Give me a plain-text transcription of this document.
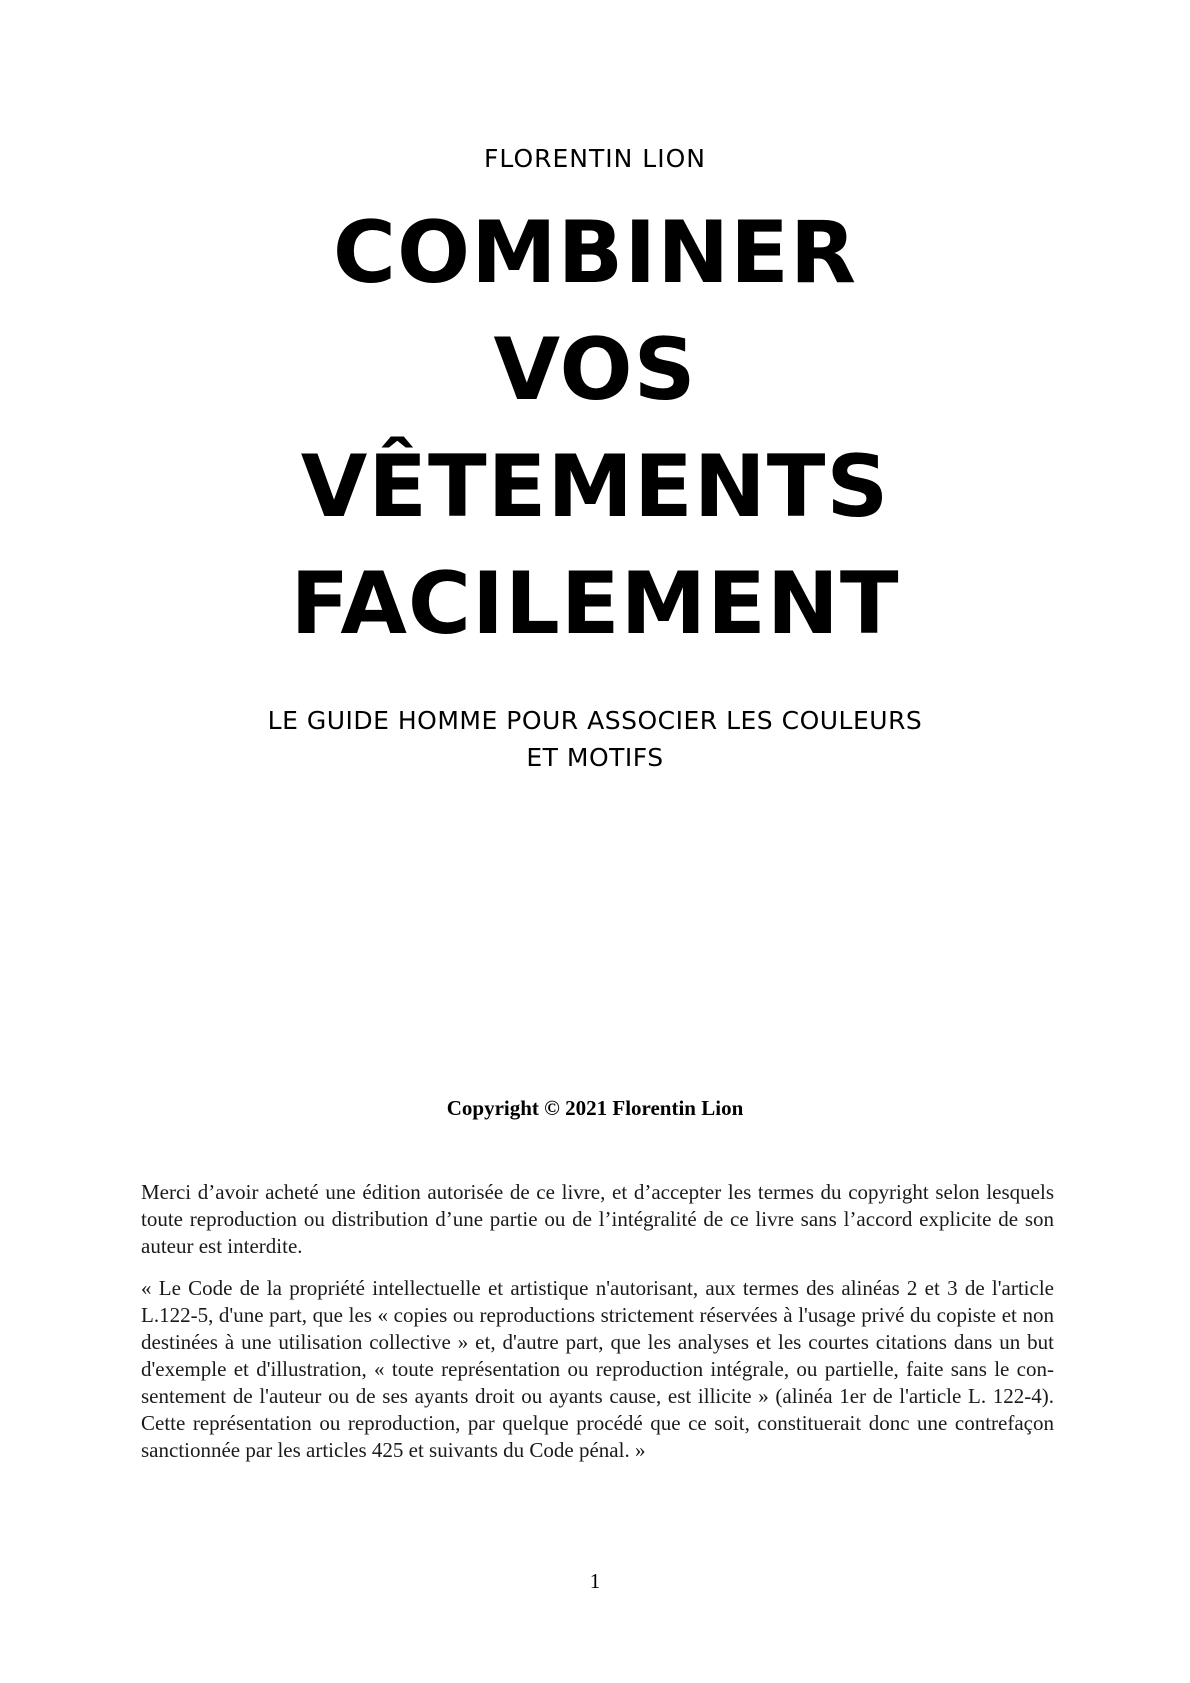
FLORENTIN LION
COMBINER
VOS
VÊTEMENTS
FACILEMENT
LE GUIDE HOMME POUR ASSOCIER LES COULEURS
ET MOTIFS
Copyright © 2021 Florentin Lion
Merci d’avoir acheté une édition autorisée de ce livre, et d’accepter les termes du copyright selon lesquels
toute reproduction ou distribution d’une partie ou de l’intégralité de ce livre sans l’accord explicite de son
auteur est interdite.
« Le Code de la propriété intellectuelle et artistique n'autorisant, aux termes des alinéas 2 et 3 de l'article
L.122-5, d'une part, que les « copies ou reproductions strictement réservées à l'usage privé du copiste et non
destinées à une utilisation collective » et, d'autre part, que les analyses et les courtes citations dans un but
d'exemple et d'illustration, « toute représentation ou reproduction intégrale, ou partielle, faite sans le con-
sentement de l'auteur ou de ses ayants droit ou ayants cause, est illicite » (alinéa 1er de l'article L. 122-4).
Cette représentation ou reproduction, par quelque procédé que ce soit, constituerait donc une contrefaçon
sanctionnée par les articles 425 et suivants du Code pénal. »
1
